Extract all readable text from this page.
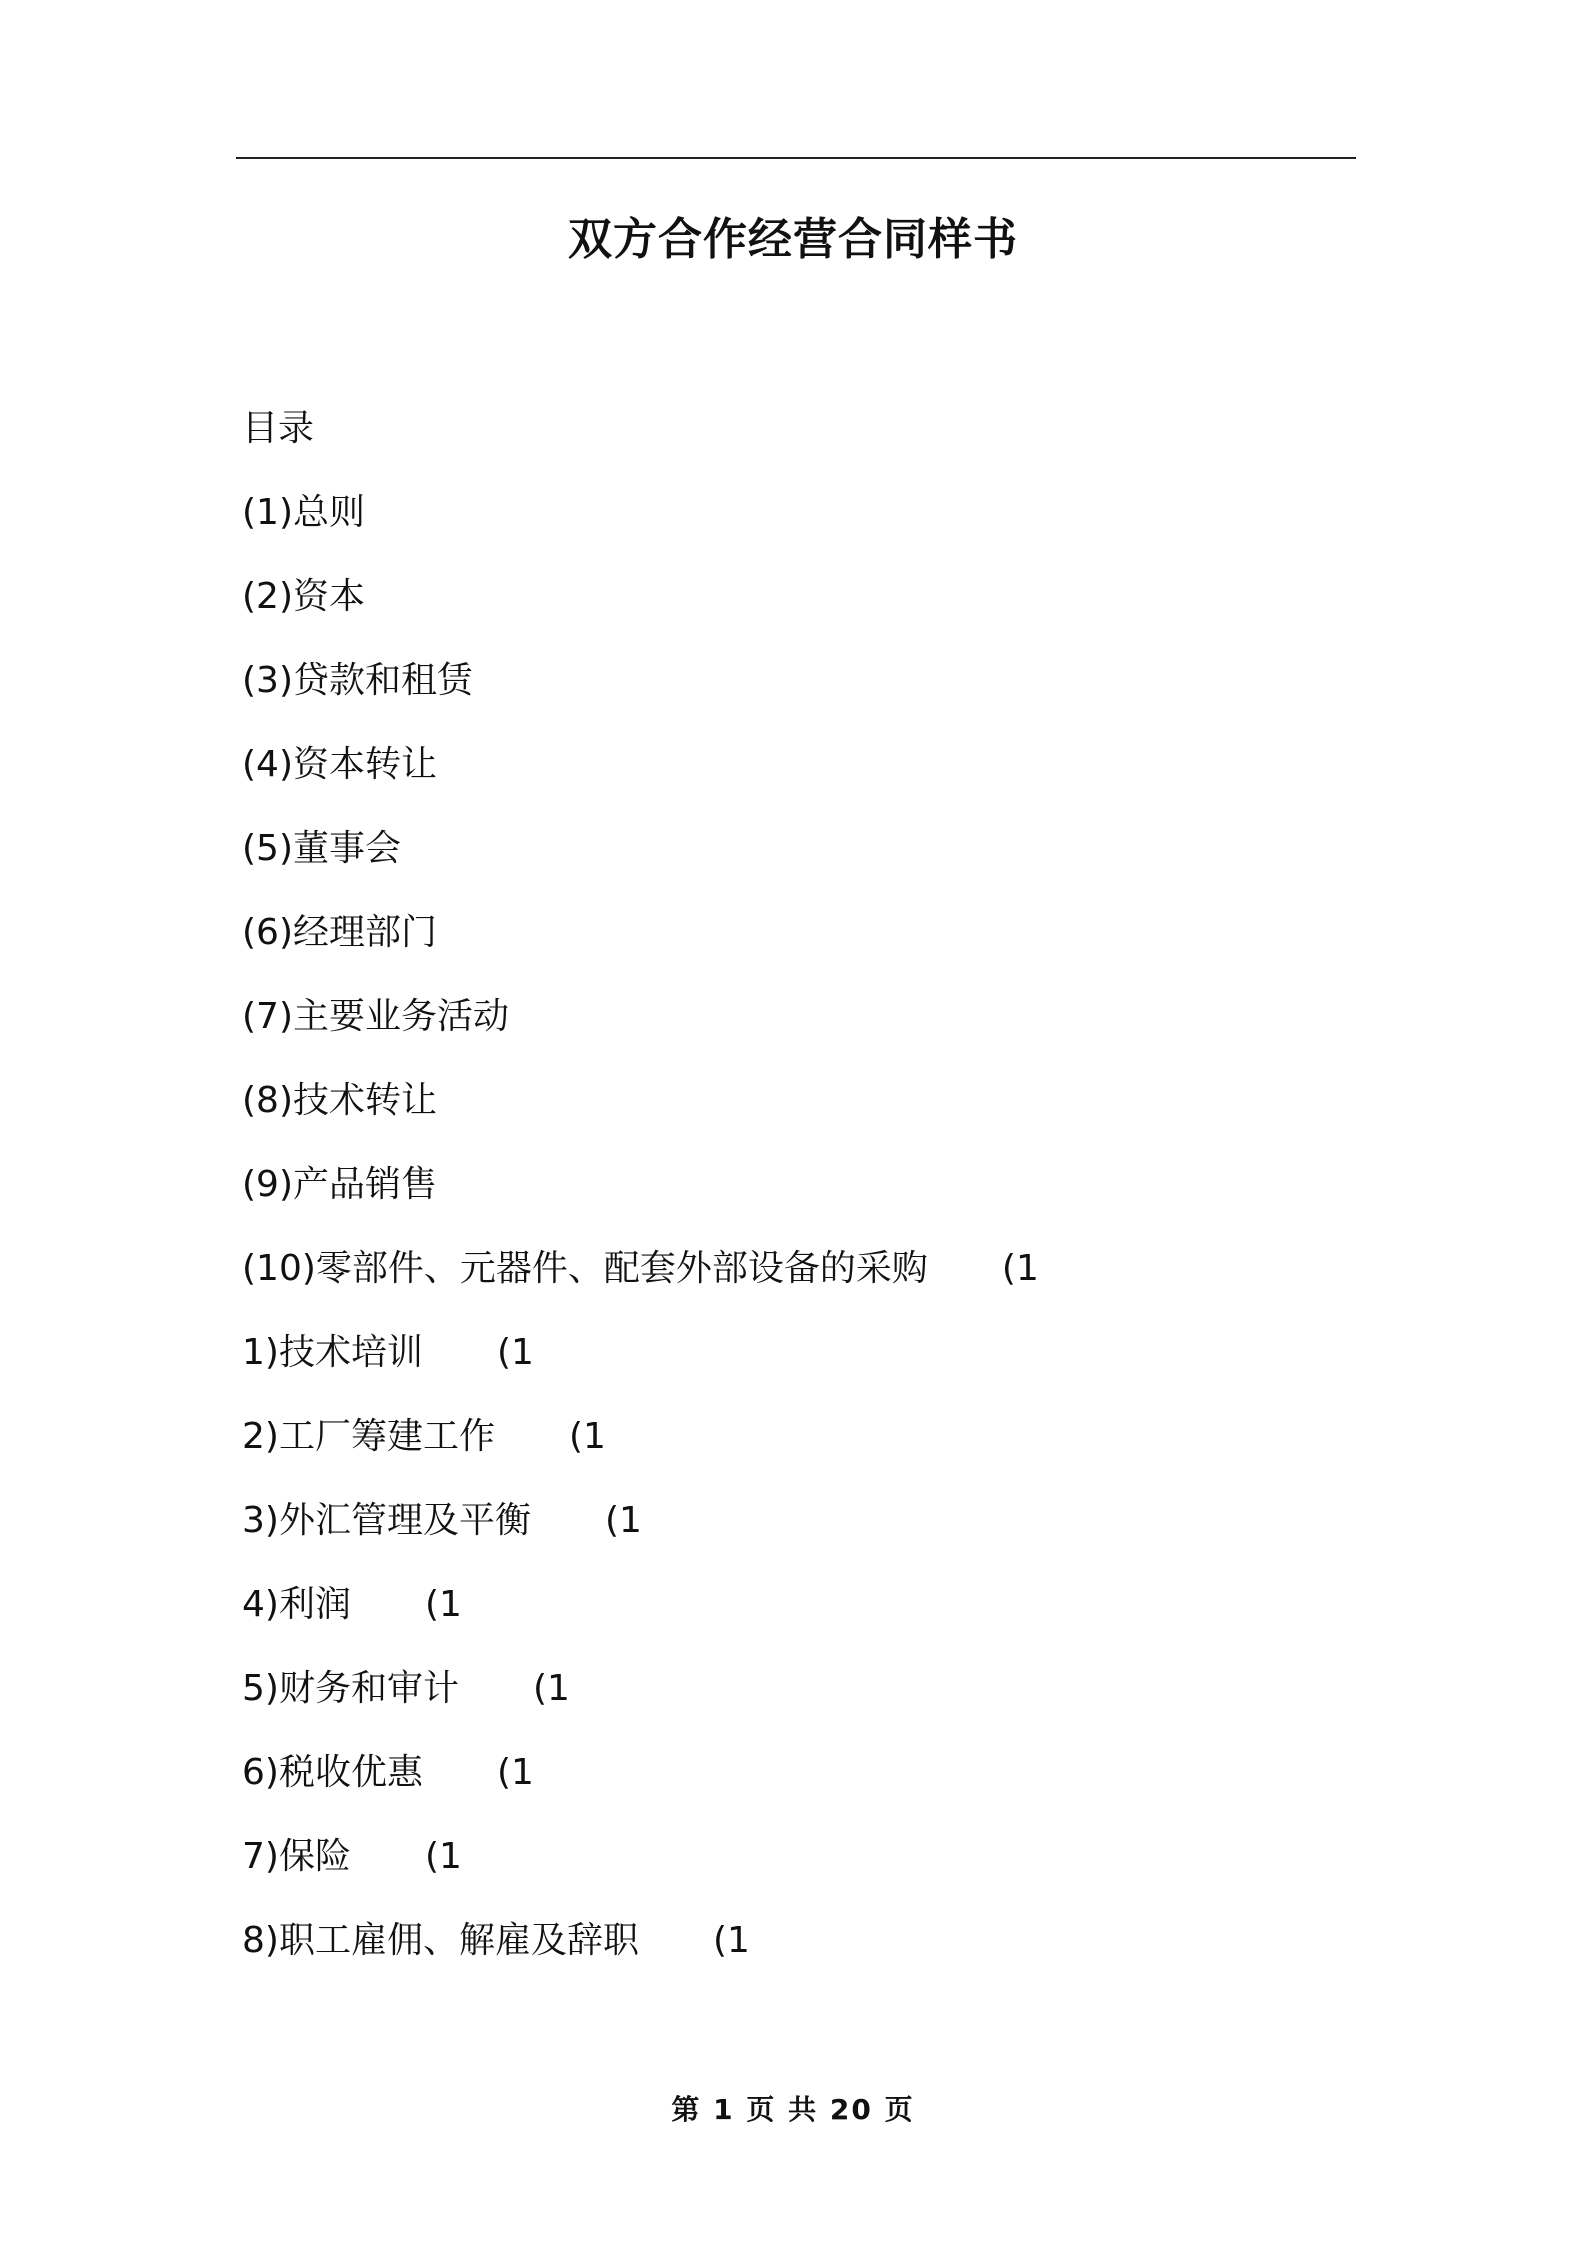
双方合作经营合同样书
目录
(1)总则
(2)资本
(3)贷款和租赁
(4)资本转让
(5)董事会
(6)经理部门
(7)主要业务活动
(8)技术转让
(9)产品销售
(10)零部件、元器件、配套外部设备的采购 (1
1)技术培训 (1
2)工厂筹建工作 (1
3)外汇管理及平衡 (1
4)利润 (1
5)财务和审计 (1
6)税收优惠 (1
7)保险 (1
8)职工雇佣、解雇及辞职 (1
第 1 页 共 20 页
